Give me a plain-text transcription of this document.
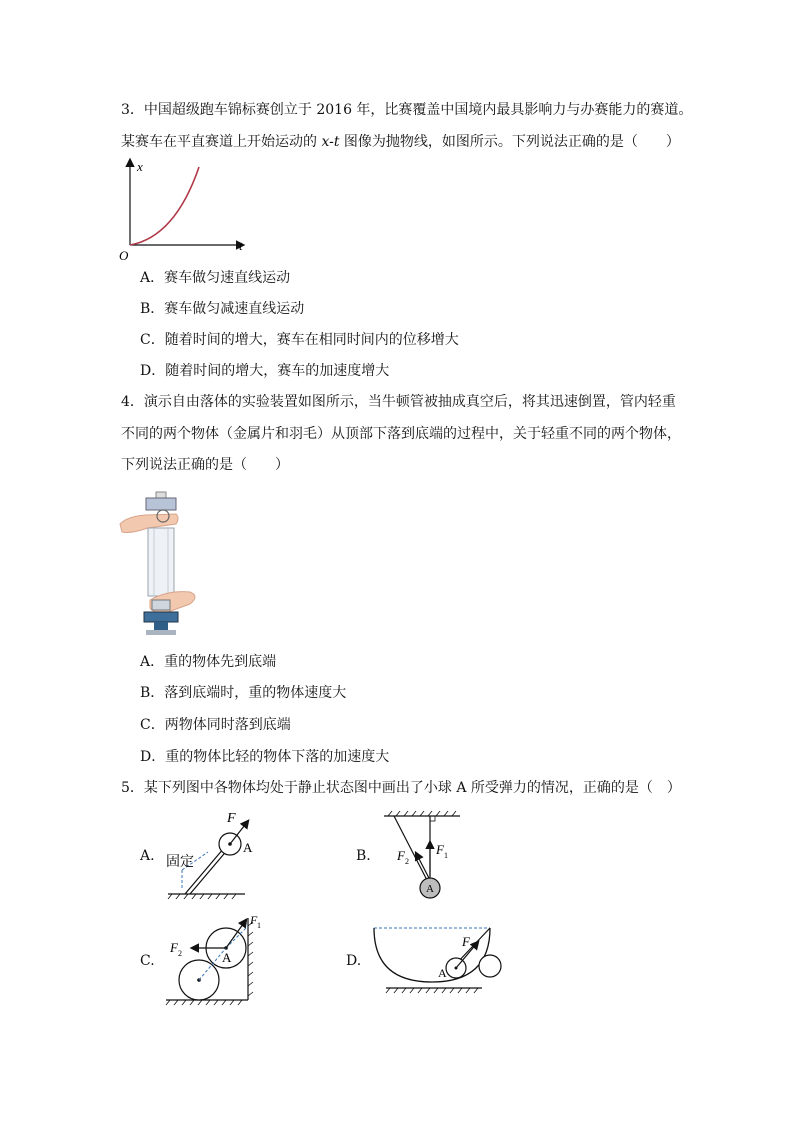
3．中国超级跑车锦标赛创立于 2016 年，比赛覆盖中国境内最具影响力与办赛能力的赛道。
某赛车在平直赛道上开始运动的 x-t 图像为抛物线，如图所示。下列说法正确的是（　　）
x
t
O
A．赛车做匀速直线运动
B．赛车做匀减速直线运动
C．随着时间的增大，赛车在相同时间内的位移增大
D．随着时间的增大，赛车的加速度增大
4．演示自由落体的实验装置如图所示，当牛顿管被抽成真空后，将其迅速倒置，管内轻重
不同的两个物体（金属片和羽毛）从顶部下落到底端的过程中，关于轻重不同的两个物体，
下列说法正确的是（　　）
A．重的物体先到底端
B．落到底端时，重的物体速度大
C．两物体同时落到底端
D．重的物体比轻的物体下落的加速度大
5．某下列图中各物体均处于静止状态图中画出了小球 A 所受弹力的情况，正确的是（　）
A.
F
A
固定	B.
A
F 2
F 1
C.	A
F 2
F 1
D.
F
A
